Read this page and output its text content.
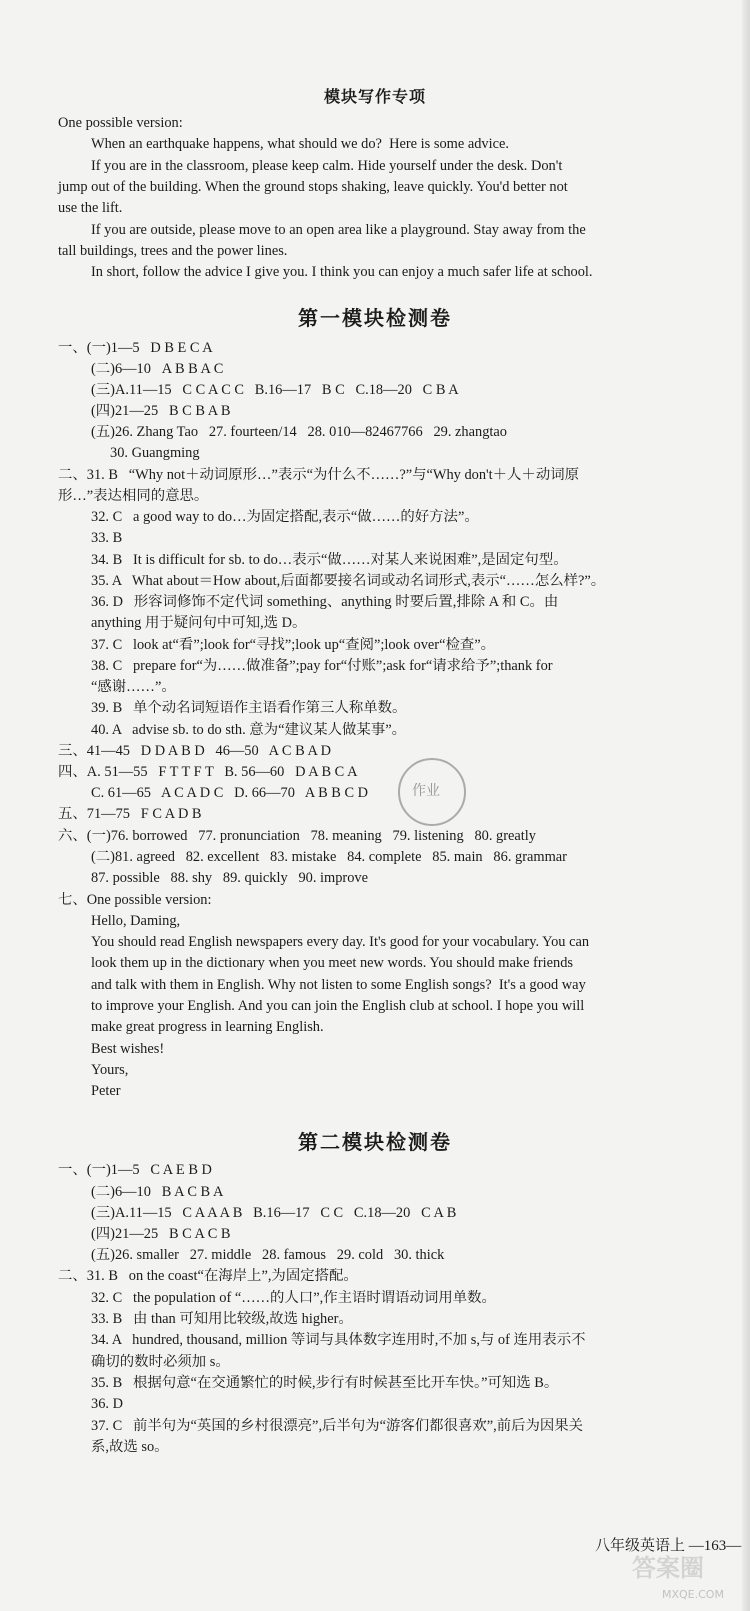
模块写作专项
第一模块检测卷
第二模块检测卷
One possible version:
When an earthquake happens, what should we do?  Here is some advice.
If you are in the classroom, please keep calm. Hide yourself under the desk. Don't
jump out of the building. When the ground stops shaking, leave quickly. You'd better not
use the lift.
If you are outside, please move to an open area like a playground. Stay away from the
tall buildings, trees and the power lines.
In short, follow the advice I give you. I think you can enjoy a much safer life at school.
一、(一)1—5   D B E C A
(二)6—10   A B B A C
(三)A.11—15   C C A C C   B.16—17   B C   C.18—20   C B A
(四)21—25   B C B A B
(五)26. Zhang Tao   27. fourteen/14   28. 010—82467766   29. zhangtao
30. Guangming
二、31. B   “Why not＋动词原形…”表示“为什么不……?”与“Why don't＋人＋动词原
形…”表达相同的意思。
32. C   a good way to do…为固定搭配,表示“做……的好方法”。
33. B
34. B   It is difficult for sb. to do…表示“做……对某人来说困难”,是固定句型。
35. A   What about＝How about,后面都要接名词或动名词形式,表示“……怎么样?”。
36. D   形容词修饰不定代词 something、anything 时要后置,排除 A 和 C。由
anything 用于疑问句中可知,选 D。
37. C   look at“看”;look for“寻找”;look up“查阅”;look over“检查”。
38. C   prepare for“为……做准备”;pay for“付账”;ask for“请求给予”;thank for
“感谢……”。
39. B   单个动名词短语作主语看作第三人称单数。
40. A   advise sb. to do sth. 意为“建议某人做某事”。
三、41—45   D D A B D   46—50   A C B A D
四、A. 51—55   F T T F T   B. 56—60   D A B C A
C. 61—65   A C A D C   D. 66—70   A B B C D
五、71—75   F C A D B
六、(一)76. borrowed   77. pronunciation   78. meaning   79. listening   80. greatly
(二)81. agreed   82. excellent   83. mistake   84. complete   85. main   86. grammar
87. possible   88. shy   89. quickly   90. improve
七、One possible version:
Hello, Daming,
You should read English newspapers every day. It's good for your vocabulary. You can
look them up in the dictionary when you meet new words. You should make friends
and talk with them in English. Why not listen to some English songs?  It's a good way
to improve your English. And you can join the English club at school. I hope you will
make great progress in learning English.
Best wishes!
Yours,
Peter
一、(一)1—5   C A E B D
(二)6—10   B A C B A
(三)A.11—15   C A A A B   B.16—17   C C   C.18—20   C A B
(四)21—25   B C A C B
(五)26. smaller   27. middle   28. famous   29. cold   30. thick
二、31. B   on the coast“在海岸上”,为固定搭配。
32. C   the population of “……的人口”,作主语时谓语动词用单数。
33. B   由 than 可知用比较级,故选 higher。
34. A   hundred, thousand, million 等词与具体数字连用时,不加 s,与 of 连用表示不
确切的数时必须加 s。
35. B   根据句意“在交通繁忙的时候,步行有时候甚至比开车快。”可知选 B。
36. D
37. C   前半句为“英国的乡村很漂亮”,后半句为“游客们都很喜欢”,前后为因果关
系,故选 so。
作业
八年级英语上 —163—
答案圈
MXQE.COM
